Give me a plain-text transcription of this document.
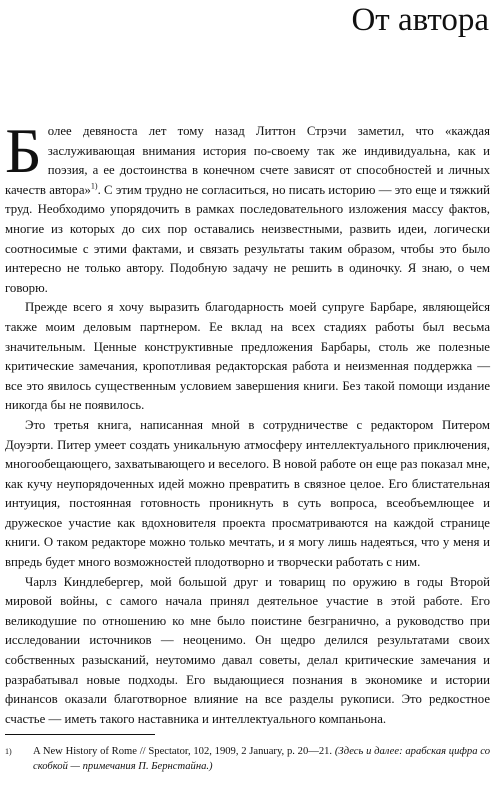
От автора

Более девяноста лет тому назад Литтон Стрэчи заметил, что «каждая заслуживающая внимания история по-своему так же индивидуальна, как и поэзия, а ее достоинства в конечном счете зависят от способностей и личных качеств автора»$^{1)}$. С этим трудно не согласиться, но писать историю — это еще и тяжкий труд. Необходимо упорядочить в рамках последовательного изложения массу фактов, многие из которых до сих пор оставались неизвестными, развить идеи, логически соотносимые с этими фактами, и связать результаты таким образом, чтобы это было интересно не только автору. Подобную задачу не решить в одиночку. Я знаю, о чем говорю.

Прежде всего я хочу выразить благодарность моей супруге Барбаре, являющейся также моим деловым партнером. Ее вклад на всех стадиях работы был весьма значительным. Ценные конструктивные предложения Барбары, столь же полезные критические замечания, кропотливая редакторская работа и неизменная поддержка — все это явилось существенным условием завершения книги. Без такой помощи издание никогда бы не появилось.

Это третья книга, написанная мной в сотрудничестве с редактором Питером Доуэрти. Питер умеет создать уникальную атмосферу интеллектуального приключения, многообещающего, захватывающего и веселого. В новой работе он еще раз показал мне, как кучу неупорядоченных идей можно превратить в связное целое. Его блистательная интуиция, постоянная готовность проникнуть в суть вопроса, всеобъемлющее и дружеское участие как вдохновителя проекта просматриваются на каждой странице книги. О таком редакторе можно только мечтать, и я могу лишь надеяться, что у меня и впредь будет много возможностей плодотворно и творчески работать с ним.

Чарлз Киндлебергер, мой большой друг и товарищ по оружию в годы Второй мировой войны, с самого начала принял деятельное участие в этой работе. Его великодушие по отношению ко мне было поистине безгранично, а руководство при исследовании источников — неоценимо. Он щедро делился результатами своих собственных разысканий, неутомимо давал советы, делал критические замечания и разрабатывал новые подходы. Его выдающиеся познания в экономике и истории финансов оказали благотворное влияние на все разделы рукописи. Это редкостное счастье — иметь такого наставника и интеллектуального компаньона.

1) A New History of Rome // Spectator, 102, 1909, 2 January, p. 20—21. (Здесь и далее: арабская цифра со скобкой — примечания П. Бернстайна.)
